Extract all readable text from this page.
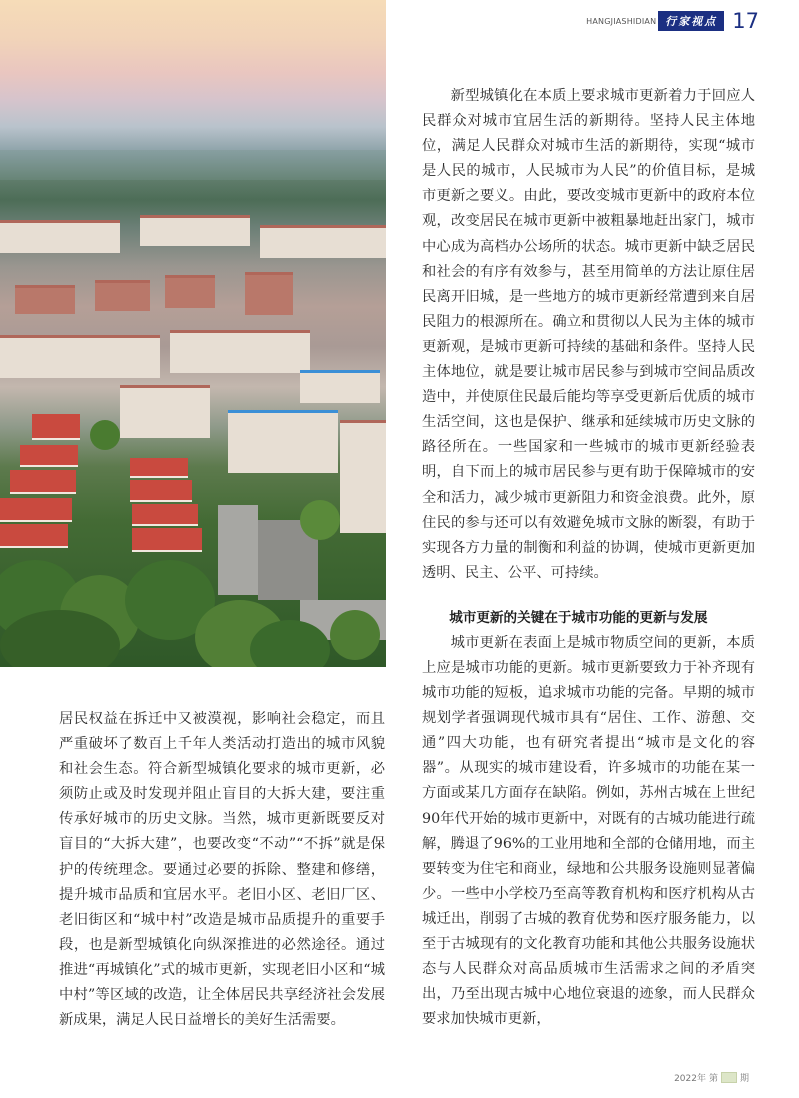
HANGJIASHIDIAN 行家视点 17

新型城镇化在本质上要求城市更新着力于回应人民群众对城市宜居生活的新期待。坚持人民主体地位，满足人民群众对城市生活的新期待，实现“城市是人民的城市，人民城市为人民”的价值目标，是城市更新之要义。由此，要改变城市更新中的政府本位观，改变居民在城市更新中被粗暴地赶出家门，城市中心成为高档办公场所的状态。城市更新中缺乏居民和社会的有序有效参与，甚至用简单的方法让原住居民离开旧城，是一些地方的城市更新经常遭到来自居民阻力的根源所在。确立和贯彻以人民为主体的城市更新观，是城市更新可持续的基础和条件。坚持人民主体地位，就是要让城市居民参与到城市空间品质改造中，并使原住民最后能均等享受更新后优质的城市生活空间，这也是保护、继承和延续城市历史文脉的路径所在。一些国家和一些城市的城市更新经验表明，自下而上的城市居民参与更有助于保障城市的安全和活力，减少城市更新阻力和资金浪费。此外，原住民的参与还可以有效避免城市文脉的断裂，有助于实现各方力量的制衡和利益的协调，使城市更新更加透明、民主、公平、可持续。

城市更新的关键在于城市功能的更新与发展

城市更新在表面上是城市物质空间的更新，本质上应是城市功能的更新。城市更新要致力于补齐现有城市功能的短板，追求城市功能的完备。早期的城市规划学者强调现代城市具有“居住、工作、游憩、交通”四大功能，也有研究者提出“城市是文化的容器”。从现实的城市建设看，许多城市的功能在某一方面或某几方面存在缺陷。例如，苏州古城在上世纪90年代开始的城市更新中，对既有的古城功能进行疏解，腾退了96%的工业用地和全部的仓储用地，而主要转变为住宅和商业，绿地和公共服务设施则显著偏少。一些中小学校乃至高等教育机构和医疗机构从古城迁出，削弱了古城的教育优势和医疗服务能力，以至于古城现有的文化教育功能和其他公共服务设施状态与人民群众对高品质城市生活需求之间的矛盾突出，乃至出现古城中心地位衰退的迹象，而人民群众要求加快城市更新，

居民权益在拆迁中又被漠视，影响社会稳定，而且严重破坏了数百上千年人类活动打造出的城市风貌和社会生态。符合新型城镇化要求的城市更新，必须防止或及时发现并阻止盲目的大拆大建，要注重传承好城市的历史文脉。当然，城市更新既要反对盲目的“大拆大建”，也要改变“不动”“不拆”就是保护的传统理念。要通过必要的拆除、整建和修缮，提升城市品质和宜居水平。老旧小区、老旧厂区、老旧街区和“城中村”改造是城市品质提升的重要手段，也是新型城镇化向纵深推进的必然途径。通过推进“再城镇化”式的城市更新，实现老旧小区和“城中村”等区域的改造，让全体居民共享经济社会发展新成果，满足人民日益增长的美好生活需要。

2022年 第 期
